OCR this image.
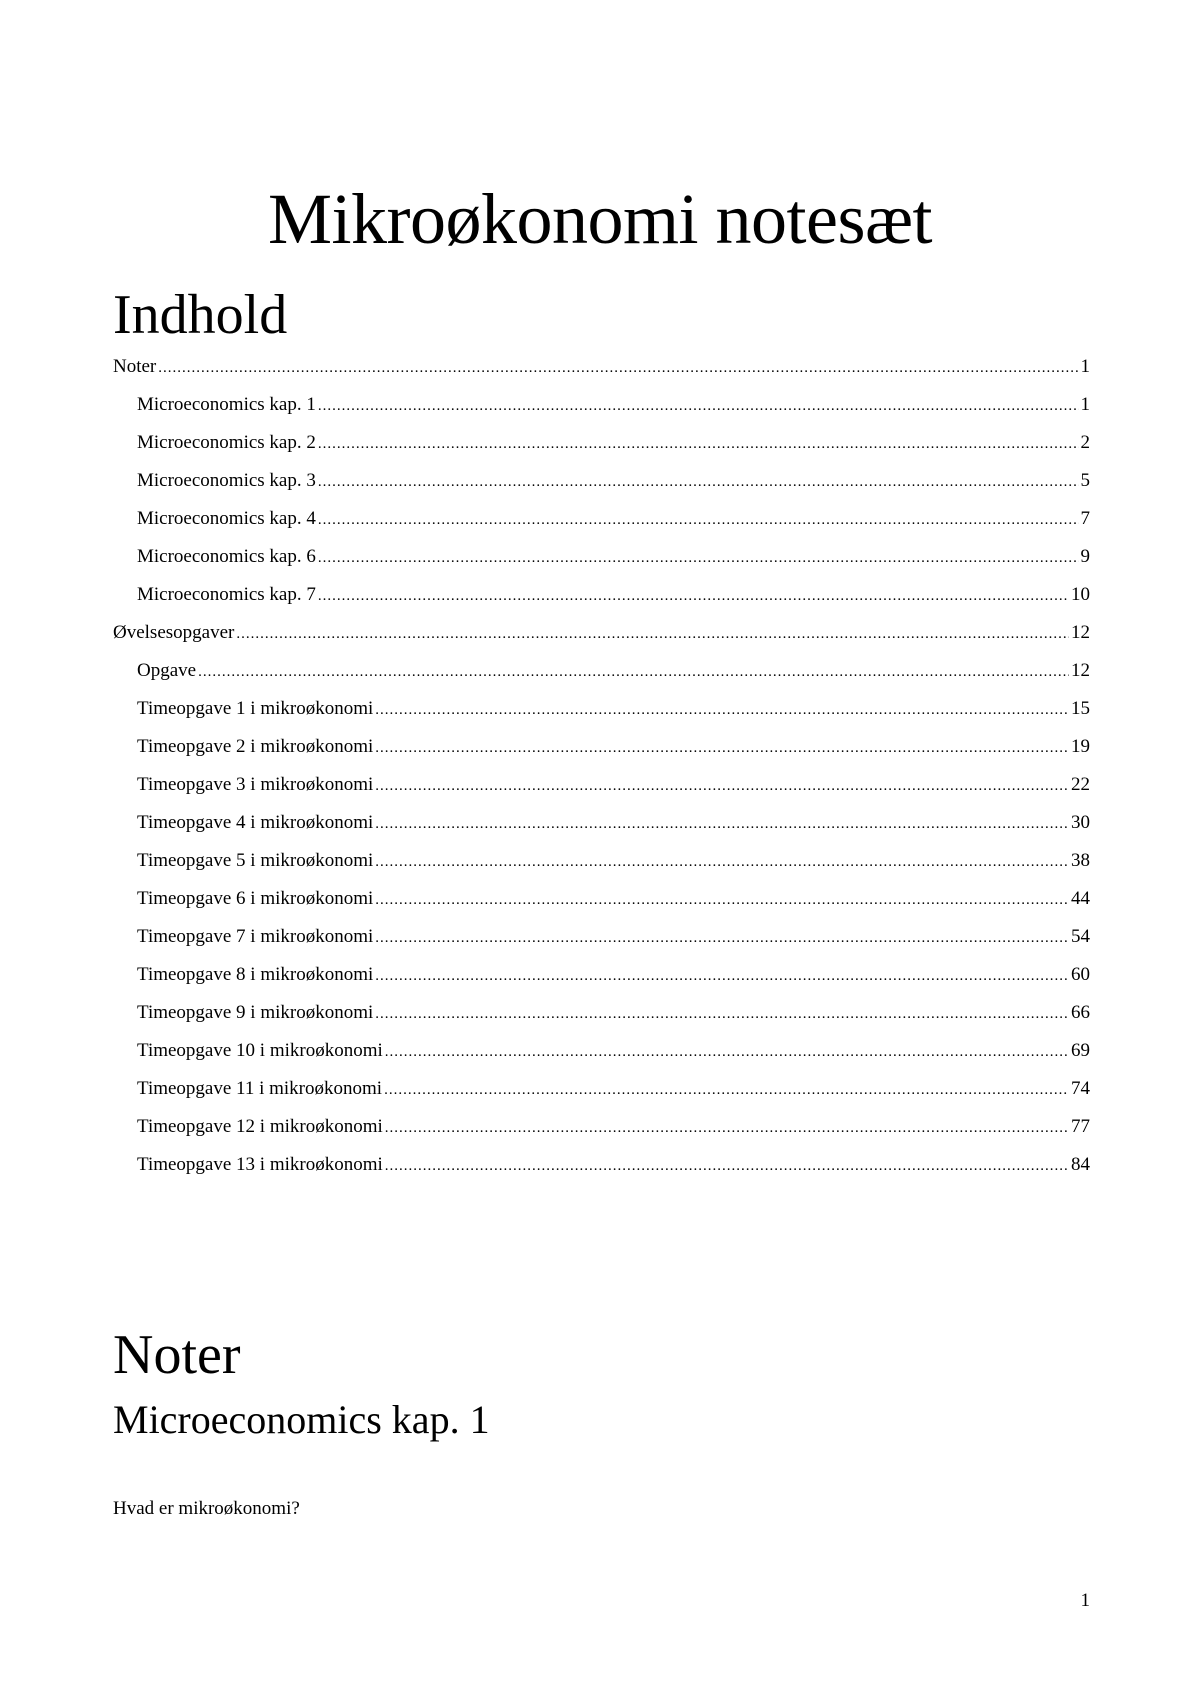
Mikroøkonomi notesæt
Indhold
Noter .....	1
Microeconomics kap. 1 .....	1
Microeconomics kap. 2 .....	2
Microeconomics kap. 3 .....	5
Microeconomics kap. 4 .....	7
Microeconomics kap. 6 .....	9
Microeconomics kap. 7 .....	10
Øvelsesopgaver .....	12
Opgave .....	12
Timeopgave 1 i mikroøkonomi .....	15
Timeopgave 2 i mikroøkonomi .....	19
Timeopgave 3 i mikroøkonomi .....	22
Timeopgave 4 i mikroøkonomi .....	30
Timeopgave 5 i mikroøkonomi .....	38
Timeopgave 6 i mikroøkonomi .....	44
Timeopgave 7 i mikroøkonomi .....	54
Timeopgave 8 i mikroøkonomi .....	60
Timeopgave 9 i mikroøkonomi .....	66
Timeopgave 10 i mikroøkonomi .....	69
Timeopgave 11 i mikroøkonomi .....	74
Timeopgave 12 i mikroøkonomi .....	77
Timeopgave 13 i mikroøkonomi .....	84
Noter
Microeconomics kap. 1

Hvad er mikroøkonomi?

1
